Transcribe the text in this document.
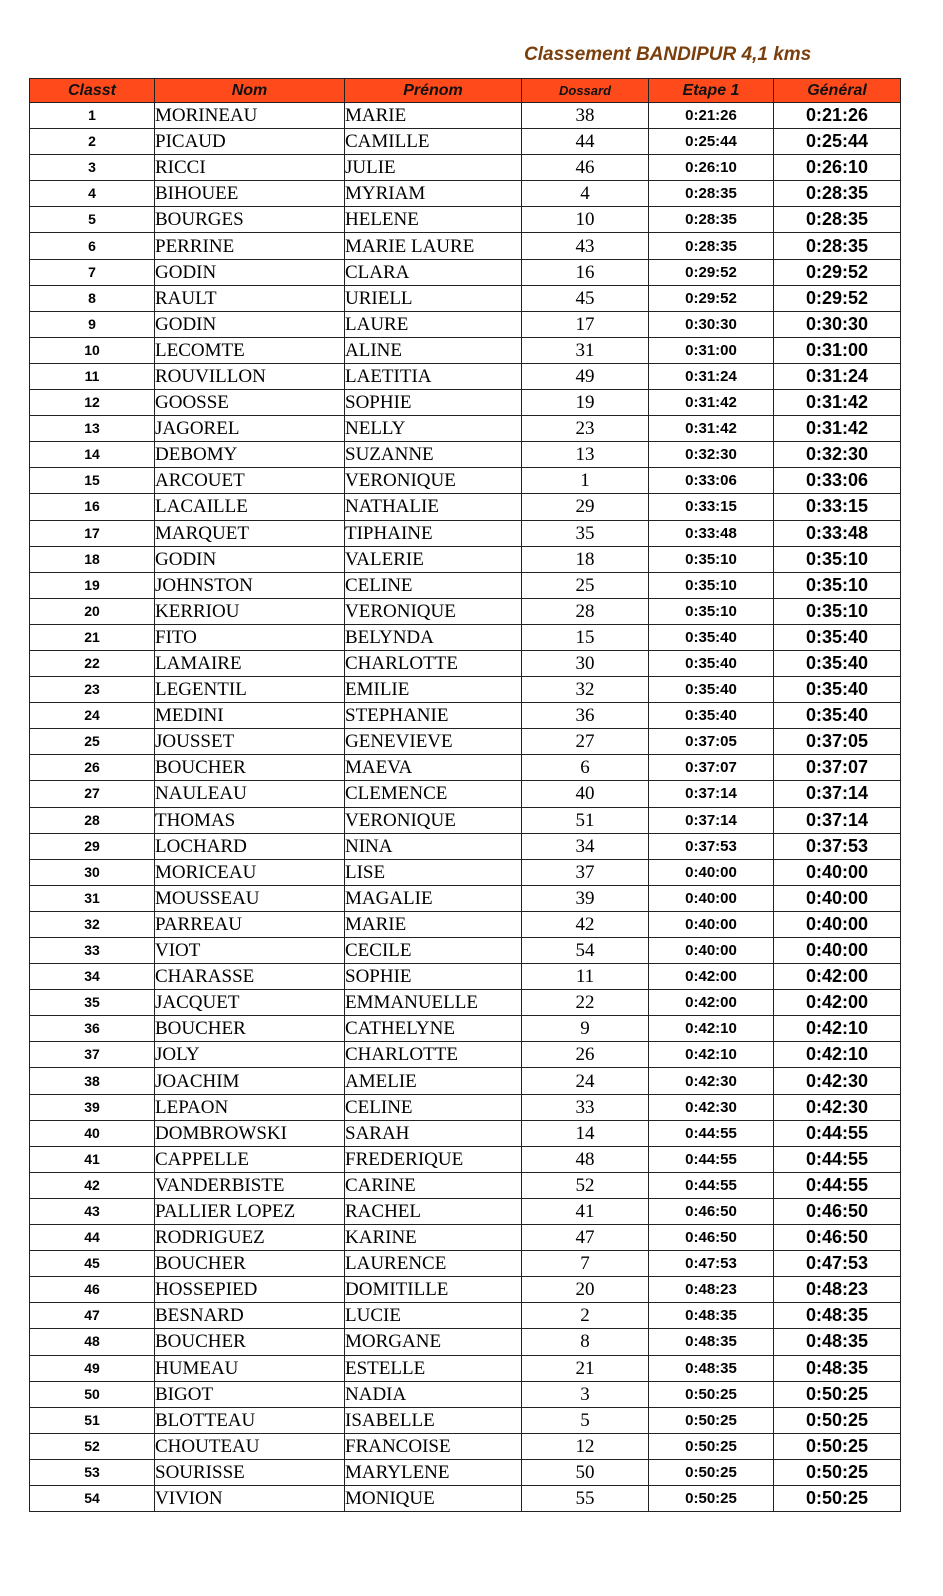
Classement BANDIPUR 4,1 kms
Classt	Nom	Prénom	Dossard	Etape 1	Général
1	MORINEAU	MARIE	38	0:21:26	0:21:26
2	PICAUD	CAMILLE	44	0:25:44	0:25:44
3	RICCI	JULIE	46	0:26:10	0:26:10
4	BIHOUEE	MYRIAM	4	0:28:35	0:28:35
5	BOURGES	HELENE	10	0:28:35	0:28:35
6	PERRINE	MARIE LAURE	43	0:28:35	0:28:35
7	GODIN	CLARA	16	0:29:52	0:29:52
8	RAULT	URIELL	45	0:29:52	0:29:52
9	GODIN	LAURE	17	0:30:30	0:30:30
10	LECOMTE	ALINE	31	0:31:00	0:31:00
11	ROUVILLON	LAETITIA	49	0:31:24	0:31:24
12	GOOSSE	SOPHIE	19	0:31:42	0:31:42
13	JAGOREL	NELLY	23	0:31:42	0:31:42
14	DEBOMY	SUZANNE	13	0:32:30	0:32:30
15	ARCOUET	VERONIQUE	1	0:33:06	0:33:06
16	LACAILLE	NATHALIE	29	0:33:15	0:33:15
17	MARQUET	TIPHAINE	35	0:33:48	0:33:48
18	GODIN	VALERIE	18	0:35:10	0:35:10
19	JOHNSTON	CELINE	25	0:35:10	0:35:10
20	KERRIOU	VERONIQUE	28	0:35:10	0:35:10
21	FITO	BELYNDA	15	0:35:40	0:35:40
22	LAMAIRE	CHARLOTTE	30	0:35:40	0:35:40
23	LEGENTIL	EMILIE	32	0:35:40	0:35:40
24	MEDINI	STEPHANIE	36	0:35:40	0:35:40
25	JOUSSET	GENEVIEVE	27	0:37:05	0:37:05
26	BOUCHER	MAEVA	6	0:37:07	0:37:07
27	NAULEAU	CLEMENCE	40	0:37:14	0:37:14
28	THOMAS	VERONIQUE	51	0:37:14	0:37:14
29	LOCHARD	NINA	34	0:37:53	0:37:53
30	MORICEAU	LISE	37	0:40:00	0:40:00
31	MOUSSEAU	MAGALIE	39	0:40:00	0:40:00
32	PARREAU	MARIE	42	0:40:00	0:40:00
33	VIOT	CECILE	54	0:40:00	0:40:00
34	CHARASSE	SOPHIE	11	0:42:00	0:42:00
35	JACQUET	EMMANUELLE	22	0:42:00	0:42:00
36	BOUCHER	CATHELYNE	9	0:42:10	0:42:10
37	JOLY	CHARLOTTE	26	0:42:10	0:42:10
38	JOACHIM	AMELIE	24	0:42:30	0:42:30
39	LEPAON	CELINE	33	0:42:30	0:42:30
40	DOMBROWSKI	SARAH	14	0:44:55	0:44:55
41	CAPPELLE	FREDERIQUE	48	0:44:55	0:44:55
42	VANDERBISTE	CARINE	52	0:44:55	0:44:55
43	PALLIER LOPEZ	RACHEL	41	0:46:50	0:46:50
44	RODRIGUEZ	KARINE	47	0:46:50	0:46:50
45	BOUCHER	LAURENCE	7	0:47:53	0:47:53
46	HOSSEPIED	DOMITILLE	20	0:48:23	0:48:23
47	BESNARD	LUCIE	2	0:48:35	0:48:35
48	BOUCHER	MORGANE	8	0:48:35	0:48:35
49	HUMEAU	ESTELLE	21	0:48:35	0:48:35
50	BIGOT	NADIA	3	0:50:25	0:50:25
51	BLOTTEAU	ISABELLE	5	0:50:25	0:50:25
52	CHOUTEAU	FRANCOISE	12	0:50:25	0:50:25
53	SOURISSE	MARYLENE	50	0:50:25	0:50:25
54	VIVION	MONIQUE	55	0:50:25	0:50:25
